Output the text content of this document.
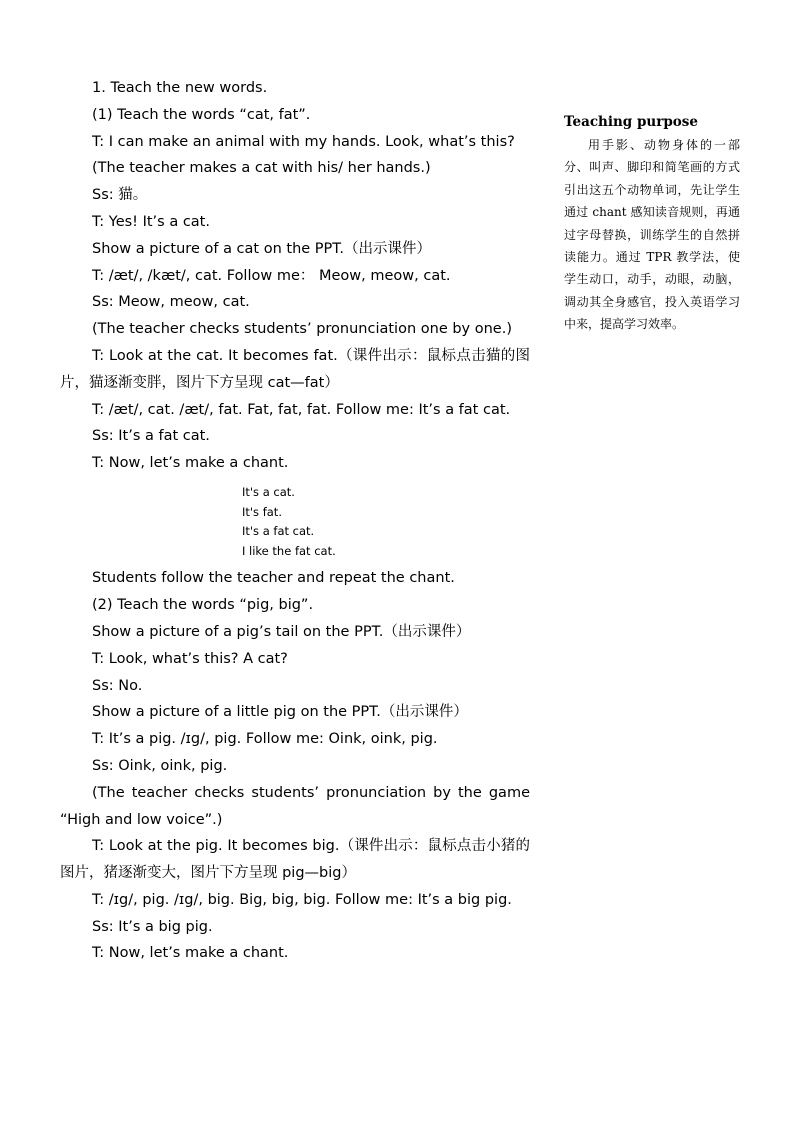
1. Teach the new words.
(1) Teach the words “cat, fat”.
T: I can make an animal with my hands. Look, what’s this?
(The teacher makes a cat with his/ her hands.)
Ss: 猫。
T: Yes! It’s a cat.
Show a picture of a cat on the PPT.（出示课件）
T: /æt/, /kæt/, cat. Follow me： Meow, meow, cat.
Ss: Meow, meow, cat.
(The teacher checks students’ pronunciation one by one.)
T: Look at the cat. It becomes fat.（课件出示：鼠标点击猫的图片，猫逐渐变胖，图片下方呈现 cat—fat）
T: /æt/, cat. /æt/, fat. Fat, fat, fat. Follow me: It’s a fat cat.
Ss: It’s a fat cat.
T: Now, let’s make a chant.
It's a cat.
It's fat.
It's a fat cat.
I like the fat cat.
Students follow the teacher and repeat the chant.
(2) Teach the words “pig, big”.
Show a picture of a pig’s tail on the PPT.（出示课件）
T: Look, what’s this? A cat?
Ss: No.
Show a picture of a little pig on the PPT.（出示课件）
T: It’s a pig. /ɪg/, pig. Follow me: Oink, oink, pig.
Ss: Oink, oink, pig.
(The teacher checks students’ pronunciation by the game “High and low voice”.)
T: Look at the pig. It becomes big.（课件出示：鼠标点击小猪的图片，猪逐渐变大，图片下方呈现 pig—big）
T: /ɪg/, pig. /ɪg/, big. Big, big, big. Follow me: It’s a big pig.
Ss: It’s a big pig.
T: Now, let’s make a chant.
Teaching purpose
用手影、动物身体的一部分、叫声、脚印和简笔画的方式引出这五个动物单词，先让学生通过 chant 感知读音规则，再通过字母替换，训练学生的自然拼读能力。通过 TPR 教学法，使学生动口，动手，动眼，动脑，调动其全身感官，投入英语学习中来，提高学习效率。
